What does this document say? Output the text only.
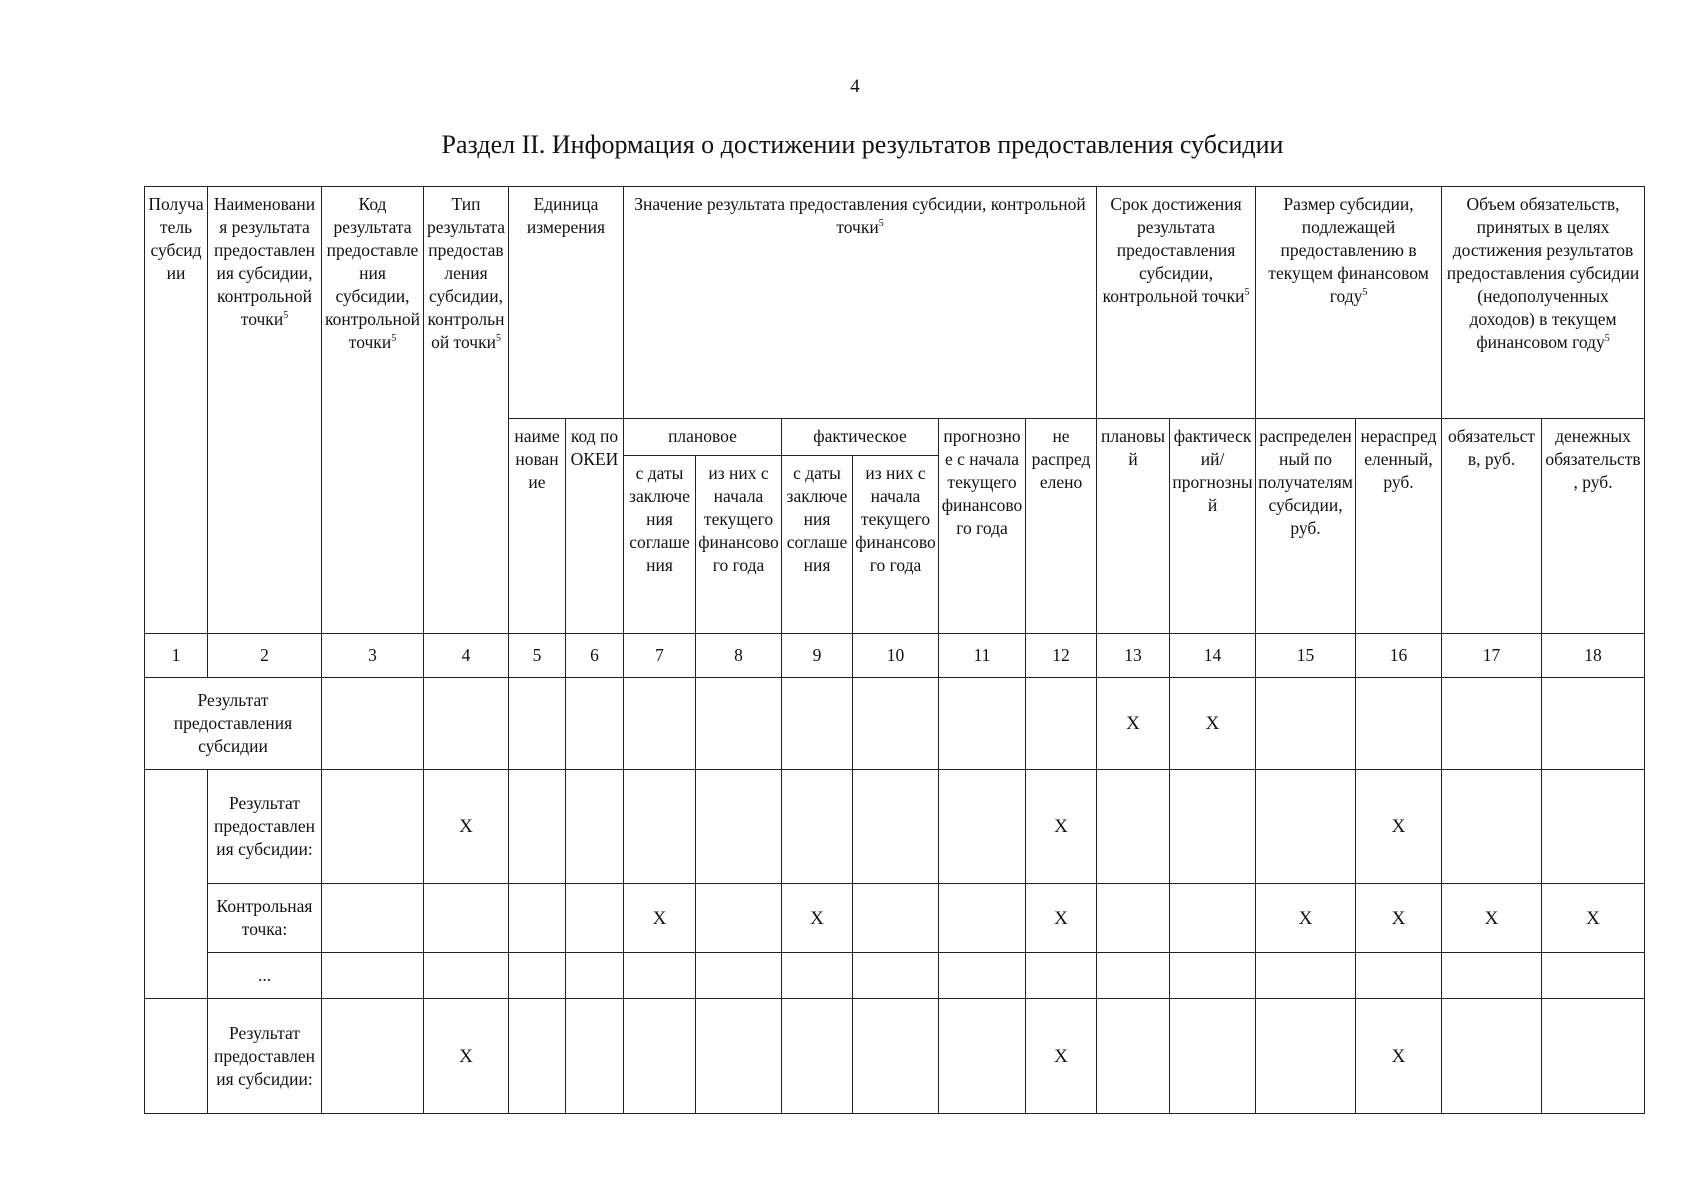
4
Раздел II. Информация о достижении результатов предоставления субсидии
Получатель субсидии	Наименования результата предоставления субсидии, контрольной точки$^5$	Код результата предоставления субсидии, контрольной точки$^5$	Тип результата предоставления субсидии, контрольной точки$^5$	Единица измерения		Значение результата предоставления субсидии, контрольной точки$^5$						Срок достижения результата предоставления субсидии, контрольной точки$^5$		Размер субсидии, подлежащей предоставлению в текущем финансовом году$^5$		Объем обязательств, принятых в целях достижения результатов предоставления субсидии (недополученных доходов) в текущем финансовом году$^5$
				наименование	код по ОКЕИ	плановое		фактическое		прогнозное с начала текущего финансового года	не распределено	плановый	фактический/прогнозный	распределенный по получателям субсидии, руб.	нераспределенный, руб.	обязательств, руб.	денежных обязательств, руб.
						с даты заключения соглашения	из них с начала текущего финансового года	с даты заключения соглашения	из них с начала текущего финансового года								
1	2	3	4	5	6	7	8	9	10	11	12	13	14	15	16	17	18
Результат предоставления субсидии												X	X				
	Результат предоставления субсидии:		X								X				X		
	Контрольная точка:					X		X			X			X	X	X	X
	...																
	Результат предоставления субсидии:		X								X				X		
